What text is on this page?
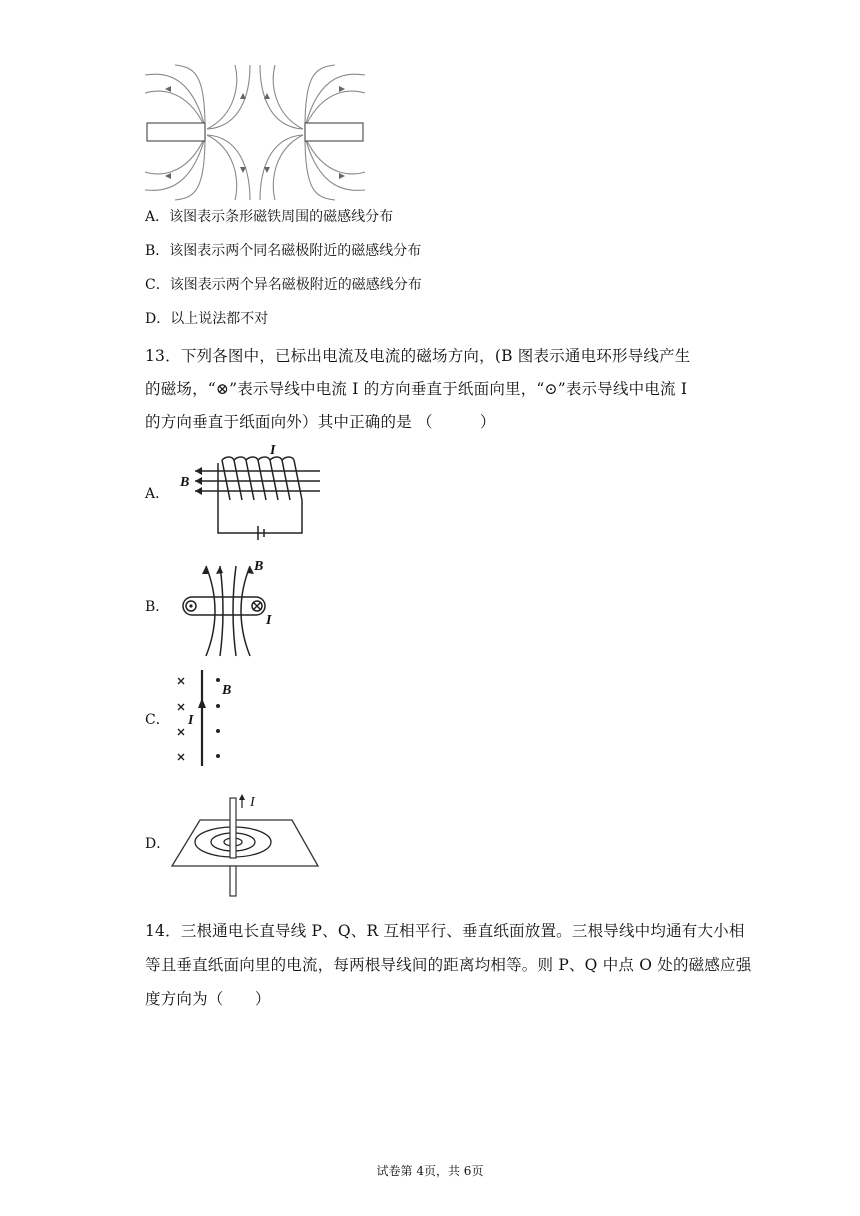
A．该图表示条形磁铁周围的磁感线分布
B．该图表示两个同名磁极附近的磁感线分布
C．该图表示两个异名磁极附近的磁感线分布
D．以上说法都不对
13．下列各图中，已标出电流及电流的磁场方向，(B 图表示通电环形导线产生
的磁场，“⊗”表示导线中电流 I 的方向垂直于纸面向里，“⊙”表示导线中电流 I
的方向垂直于纸面向外）其中正确的是 （　　　）
A．
I
B
B．
B
I
C．
B
I
D．
I
14．三根通电长直导线 P、Q、R 互相平行、垂直纸面放置。三根导线中均通有大小相
等且垂直纸面向里的电流，每两根导线间的距离均相等。则 P、Q 中点 O 处的磁感应强
度方向为（　　）
试卷第 4页，共 6页
